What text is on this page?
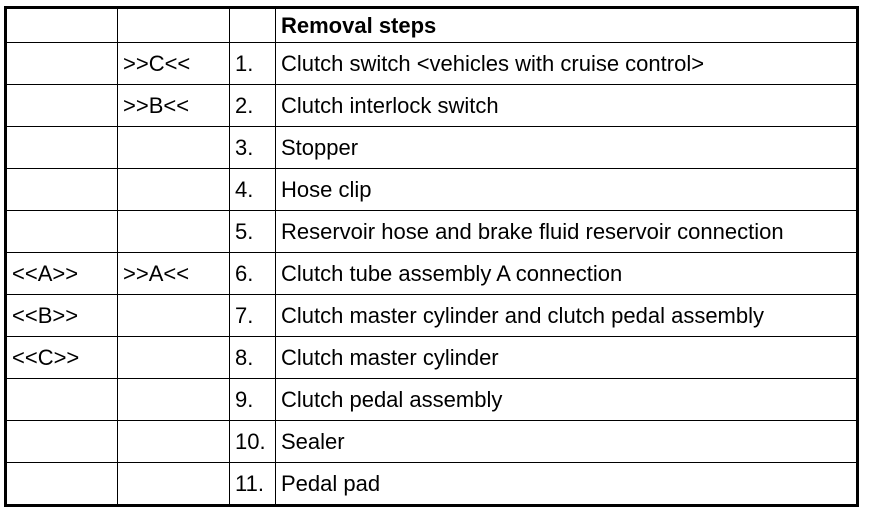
			Removal steps
	>>C<<	1.	Clutch switch <vehicles with cruise control>
	>>B<<	2.	Clutch interlock switch
		3.	Stopper
		4.	Hose clip
		5.	Reservoir hose and brake fluid reservoir connection
<<A>>	>>A<<	6.	Clutch tube assembly A connection
<<B>>		7.	Clutch master cylinder and clutch pedal assembly
<<C>>		8.	Clutch master cylinder
		9.	Clutch pedal assembly
		10.	Sealer
		11.	Pedal pad
